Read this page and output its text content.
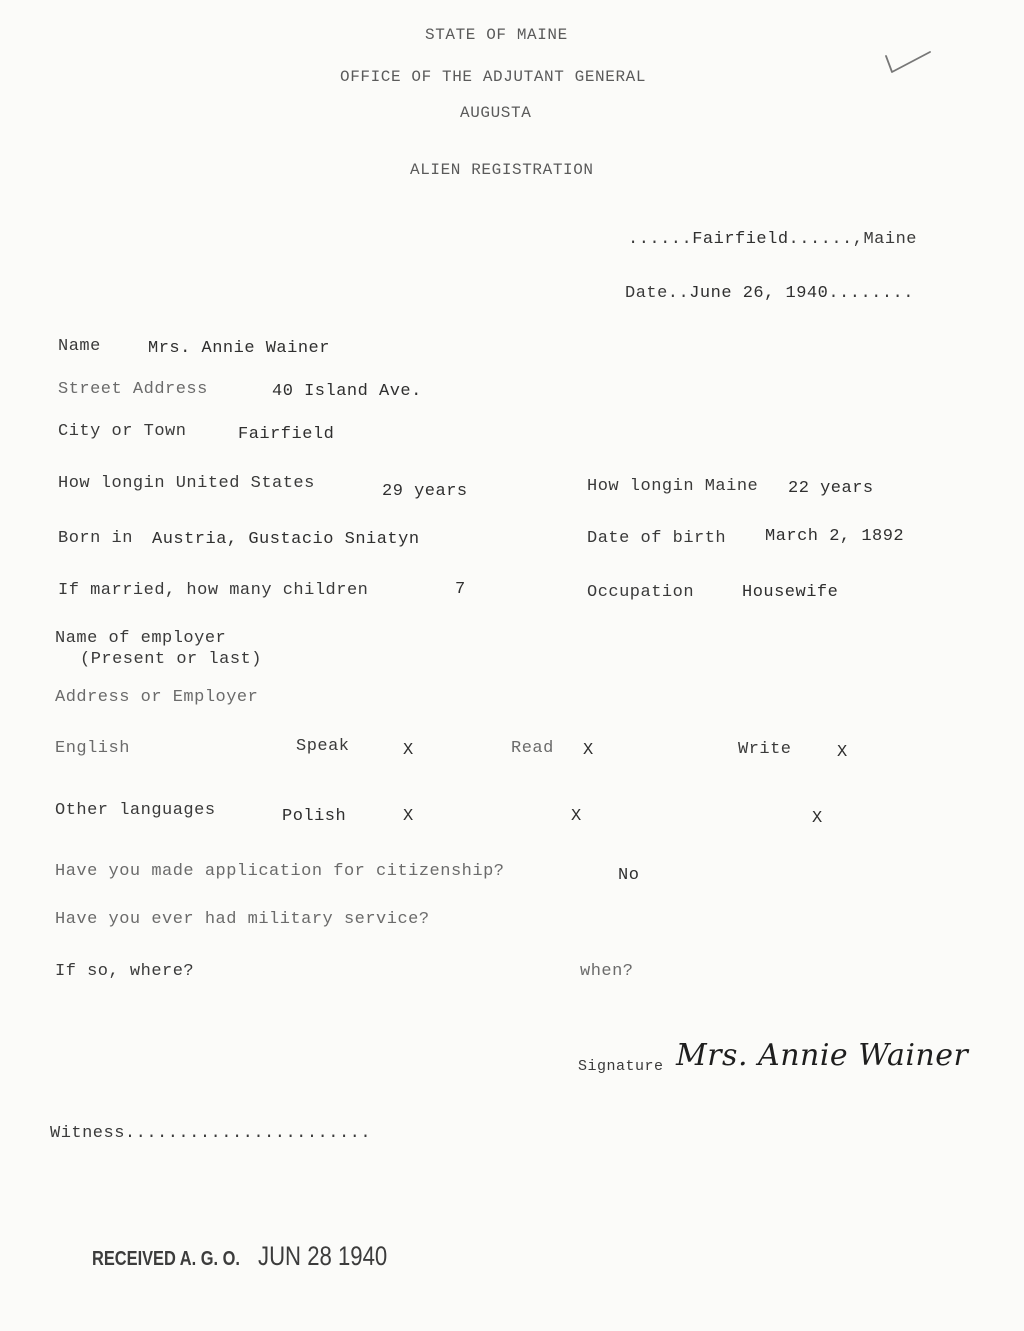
STATE OF MAINE
OFFICE OF THE ADJUTANT GENERAL
AUGUSTA
ALIEN REGISTRATION
......Fairfield......,Maine
Date..June 26, 1940........
Name	Mrs. Annie Wainer
Street Address	40 Island Ave.
City or Town	Fairfield
How longin United States	29 years	How longin Maine 22 years
Born in Austria, Gustacio Sniatyn	Date of birth March 2, 1892
If married, how many children	7	Occupation	Housewife
Name of employer
(Present or last)
Address or Employer
English	Speak	X	Read X	Write	X
Other languages	Polish	X	X	X
Have you made application for citizenship?	No
Have you ever had military service?
If so, where?	when?
Signature Mrs. Annie Wainer
Witness.......................
RECEIVED A. G. O. JUN 28 1940
